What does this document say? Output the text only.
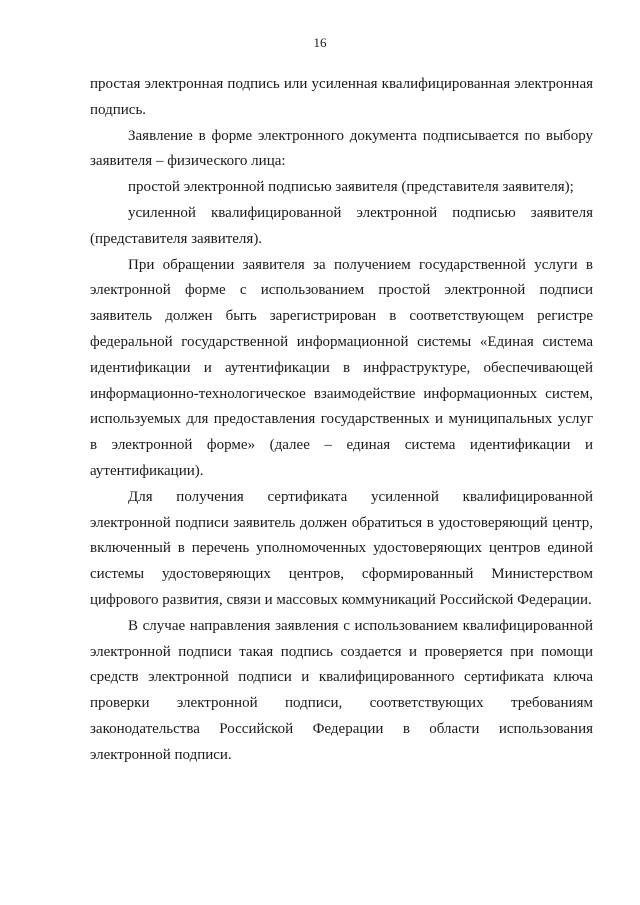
16

простая электронная подпись или усиленная квалифицированная электронная подпись.

Заявление в форме электронного документа подписывается по выбору заявителя – физического лица:

простой электронной подписью заявителя (представителя заявителя);

усиленной квалифицированной электронной подписью заявителя (представителя заявителя).

При обращении заявителя за получением государственной услуги в электронной форме с использованием простой электронной подписи заявитель должен быть зарегистрирован в соответствующем регистре федеральной государственной информационной системы «Единая система идентификации и аутентификации в инфраструктуре, обеспечивающей информационно-технологическое взаимодействие информационных систем, используемых для предоставления государственных и муниципальных услуг в электронной форме» (далее – единая система идентификации и аутентификации).

Для получения сертификата усиленной квалифицированной электронной подписи заявитель должен обратиться в удостоверяющий центр, включенный в перечень уполномоченных удостоверяющих центров единой системы удостоверяющих центров, сформированный Министерством цифрового развития, связи и массовых коммуникаций Российской Федерации.

В случае направления заявления с использованием квалифицированной электронной подписи такая подпись создается и проверяется при помощи средств электронной подписи и квалифицированного сертификата ключа проверки электронной подписи, соответствующих требованиям законодательства Российской Федерации в области использования электронной подписи.
